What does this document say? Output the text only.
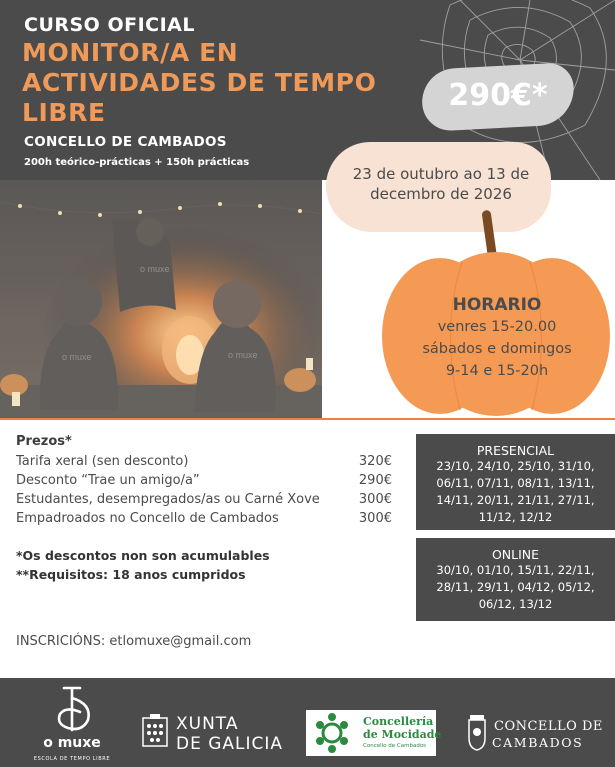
CURSO OFICIAL
MONITOR/A EN ACTIVIDADES DE TEMPO LIBRE
CONCELLO DE CAMBADOS
200h teórico-prácticas + 150h prácticas
290€*
o muxe	o muxe
o muxe
23 de outubro ao 13 de decembro de 2026
HORARIO
venres 15-20.00
sábados e domingos
9-14 e 15-20h
Prezos*
Tarifa xeral (sen desconto)	320€
Desconto “Trae un amigo/a”	290€
Estudantes, desempregados/as ou Carné Xove	300€
Empadroados no Concello de Cambados	300€
*Os descontos non son acumulables
**Requisitos: 18 anos cumpridos
PRESENCIAL
23/10, 24/10, 25/10, 31/10, 06/11, 07/11, 08/11, 13/11, 14/11, 20/11, 21/11, 27/11, 11/12, 12/12
ONLINE
30/10, 01/10, 15/11, 22/11, 28/11, 29/11, 04/12, 05/12, 06/12, 13/12
INSCRICIÓNS: etlomuxe@gmail.com
o muxe
ESCOLA DE TEMPO LIBRE
XUNTA
DE GALICIA
Concellería
de Mocidade
Concello de Cambados
CONCELLO DE
CAMBADOS
